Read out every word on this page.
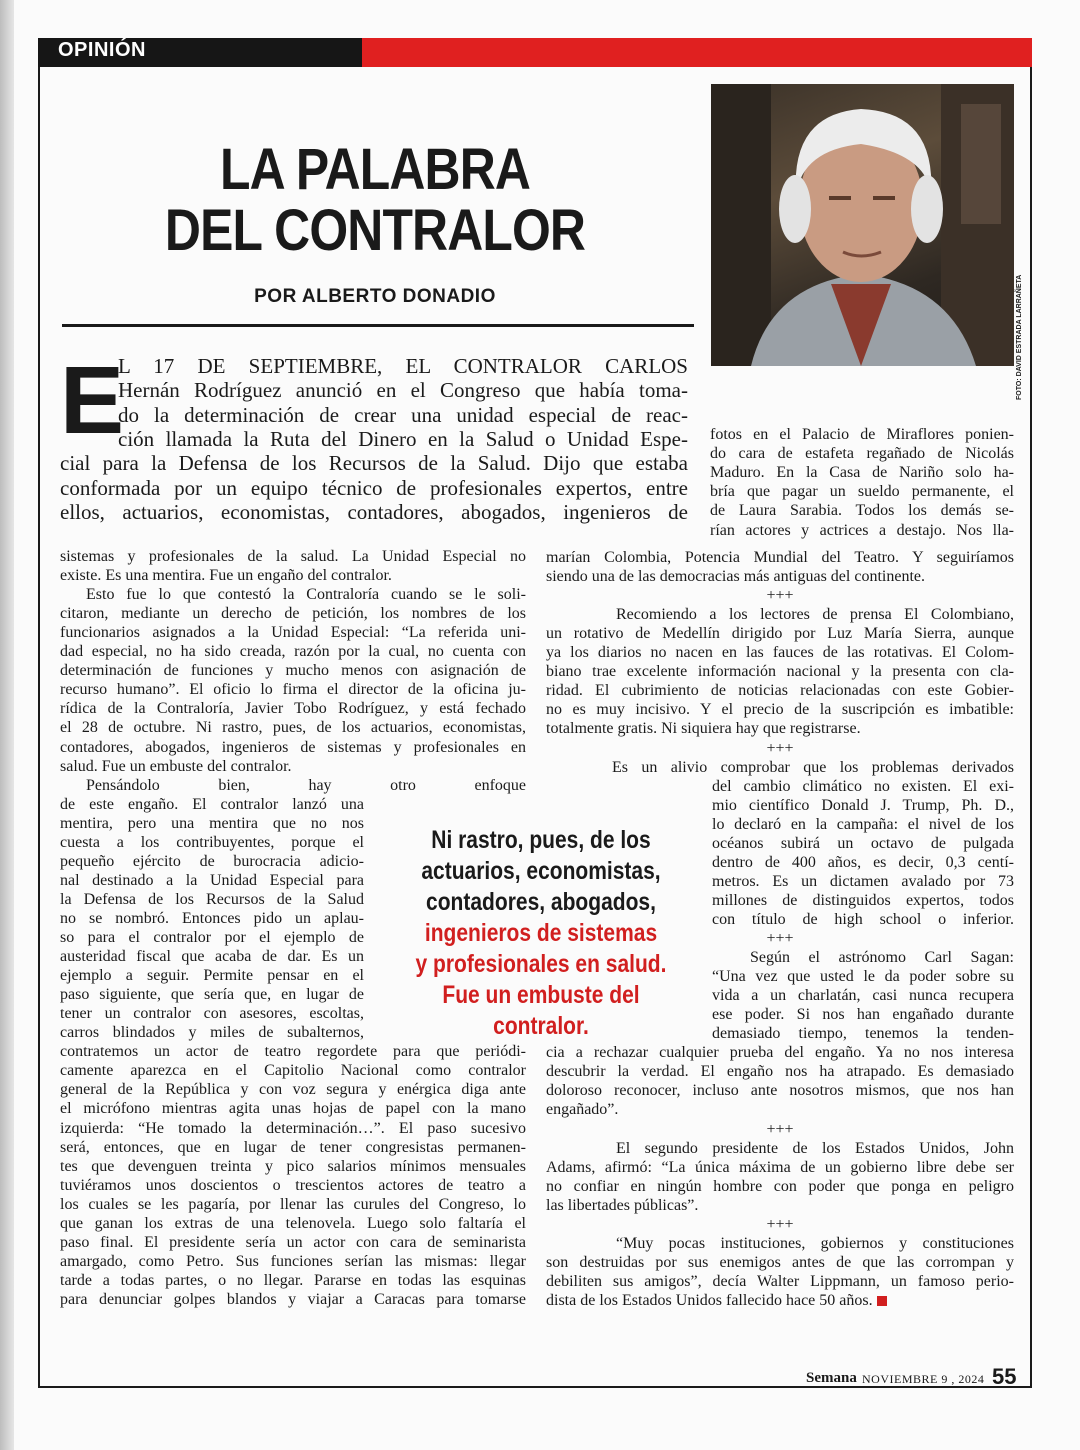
OPINIÓN
LA PALABRA
DEL CONTRALOR
POR ALBERTO DONADIO	FOTO: DAVID ESTRADA LARRAÑETA
E
L 17 DE SEPTIEMBRE, EL CONTRALOR CARLOS
Hernán Rodríguez anunció en el Congreso que había toma-
do la determinación de crear una unidad especial de reac-
ción llamada la Ruta del Dinero en la Salud o Unidad Espe-
cial para la Defensa de los Recursos de la Salud. Dijo que estaba
conformada por un equipo técnico de profesionales expertos, entre
ellos, actuarios, economistas, contadores, abogados, ingenieros de
sistemas y profesionales de la salud. La Unidad Especial no
existe. Es una mentira. Fue un engaño del contralor.
Esto fue lo que contestó la Contraloría cuando se le soli-
citaron, mediante un derecho de petición, los nombres de los
funcionarios asignados a la Unidad Especial: “La referida uni-
dad especial, no ha sido creada, razón por la cual, no cuenta con
determinación de funciones y mucho menos con asignación de
recurso humano”. El oficio lo firma el director de la oficina ju-
rídica de la Contraloría, Javier Tobo Rodríguez, y está fechado
el 28 de octubre. Ni rastro, pues, de los actuarios, economistas,
contadores, abogados, ingenieros de sistemas y profesionales en
salud. Fue un embuste del contralor.
Pensándolo bien, hay otro enfoque
de este engaño. El contralor lanzó una
mentira, pero una mentira que no nos
cuesta a los contribuyentes, porque el
pequeño ejército de burocracia adicio-
nal destinado a la Unidad Especial para
la Defensa de los Recursos de la Salud
no se nombró. Entonces pido un aplau-
so para el contralor por el ejemplo de
austeridad fiscal que acaba de dar. Es un
ejemplo a seguir. Permite pensar en el
paso siguiente, que sería que, en lugar de
tener un contralor con asesores, escoltas,
carros blindados y miles de subalternos,
contratemos un actor de teatro regordete para que periódi-
camente aparezca en el Capitolio Nacional como contralor
general de la República y con voz segura y enérgica diga ante
el micrófono mientras agita unas hojas de papel con la mano
izquierda: “He tomado la determinación…”. El paso sucesivo
será, entonces, que en lugar de tener congresistas permanen-
tes que devenguen treinta y pico salarios mínimos mensuales
tuviéramos unos doscientos o trescientos actores de teatro a
los cuales se les pagaría, por llenar las curules del Congreso, lo
que ganan los extras de una telenovela. Luego solo faltaría el
paso final. El presidente sería un actor con cara de seminarista
amargado, como Petro. Sus funciones serían las mismas: llegar
tarde a todas partes, o no llegar. Pararse en todas las esquinas
para denunciar golpes blandos y viajar a Caracas para tomarse
fotos en el Palacio de Miraflores ponien-
do cara de estafeta regañado de Nicolás
Maduro. En la Casa de Nariño solo ha-
bría que pagar un sueldo permanente, el
de Laura Sarabia. Todos los demás se-
rían actores y actrices a destajo. Nos lla-
marían Colombia, Potencia Mundial del Teatro. Y seguiríamos
siendo una de las democracias más antiguas del continente.
+++
Recomiendo a los lectores de prensa El Colombiano,
un rotativo de Medellín dirigido por Luz María Sierra, aunque
ya los diarios no nacen en las fauces de las rotativas. El Colom-
biano trae excelente información nacional y la presenta con cla-
ridad. El cubrimiento de noticias relacionadas con este Gobier-
no es muy incisivo. Y el precio de la suscripción es imbatible:
totalmente gratis. Ni siquiera hay que registrarse.
+++
Es un alivio comprobar que los problemas derivados
del cambio climático no existen. El exi-
mio científico Donald J. Trump, Ph. D.,
lo declaró en la campaña: el nivel de los
océanos subirá un octavo de pulgada
dentro de 400 años, es decir, 0,3 centí-
metros. Es un dictamen avalado por 73
millones de distinguidos expertos, todos
con título de high school o inferior.
+++
Según el astrónomo Carl Sagan:
“Una vez que usted le da poder sobre su
vida a un charlatán, casi nunca recupera
ese poder. Si nos han engañado durante
demasiado tiempo, tenemos la tenden-
cia a rechazar cualquier prueba del engaño. Ya no nos interesa
descubrir la verdad. El engaño nos ha atrapado. Es demasiado
doloroso reconocer, incluso ante nosotros mismos, que nos han
engañado”.
+++
El segundo presidente de los Estados Unidos, John
Adams, afirmó: “La única máxima de un gobierno libre debe ser
no confiar en ningún hombre con poder que ponga en peligro
las libertades públicas”.
+++
“Muy pocas instituciones, gobiernos y constituciones
son destruidas por sus enemigos antes de que las corrompan y
debiliten sus amigos”, decía Walter Lippmann, un famoso perio-
dista de los Estados Unidos fallecido hace 50 años.
Ni rastro, pues, de los
actuarios, economistas,
contadores, abogados,
ingenieros de sistemas
y profesionales en salud.
Fue un embuste del
contralor.
Semana NOVIEMBRE 9 , 2024 55
